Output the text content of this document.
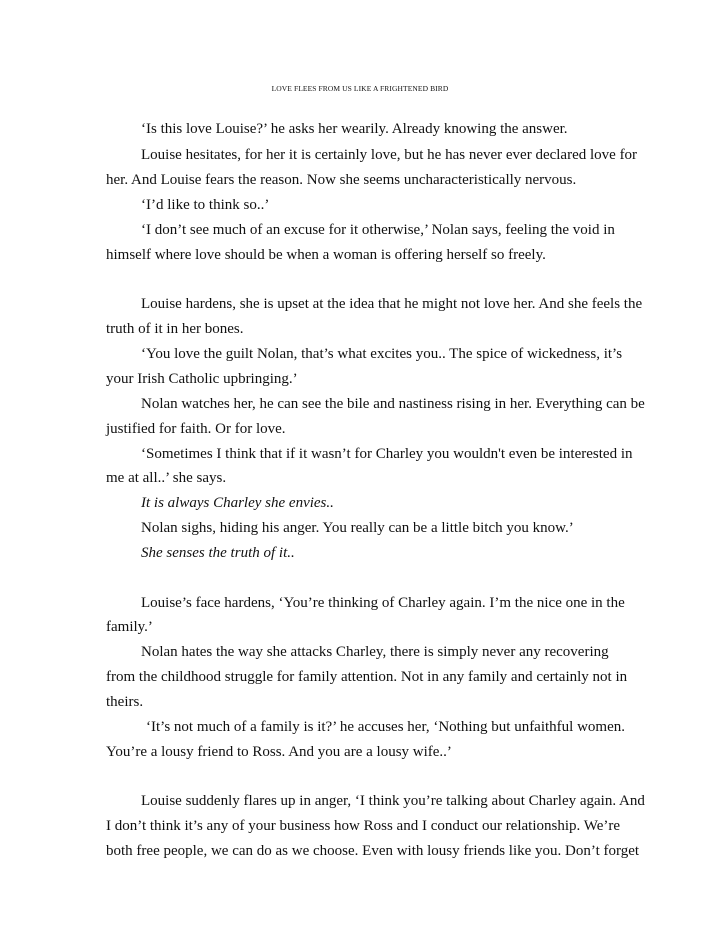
LOVE FLEES FROM US LIKE A FRIGHTENED BIRD
‘Is this love Louise?’ he asks her wearily. Already knowing the answer.
Louise hesitates, for her it is certainly love, but he has never ever declared love for
her. And Louise fears the reason. Now she seems uncharacteristically nervous.
‘I’d like to think so..’
‘I don’t see much of an excuse for it otherwise,’ Nolan says, feeling the void in
himself where love should be when a woman is offering herself so freely.
Louise hardens, she is upset at the idea that he might not love her. And she feels the
truth of it in her bones.
‘You love the guilt Nolan, that’s what excites you.. The spice of wickedness, it’s
your Irish Catholic upbringing.’
Nolan watches her, he can see the bile and nastiness rising in her. Everything can be
justified for faith. Or for love.
‘Sometimes I think that if it wasn’t for Charley you wouldn't even be interested in
me at all..’ she says.
It is always Charley she envies..
Nolan sighs, hiding his anger. You really can be a little bitch you know.’
She senses the truth of it..
Louise’s face hardens, ‘You’re thinking of Charley again. I’m the nice one in the
family.’
Nolan hates the way she attacks Charley, there is simply never any recovering
from the childhood struggle for family attention. Not in any family and certainly not in
theirs.
‘It’s not much of a family is it?’ he accuses her, ‘Nothing but unfaithful women.
You’re a lousy friend to Ross. And you are a lousy wife..’
Louise suddenly flares up in anger, ‘I think you’re talking about Charley again. And
I don’t think it’s any of your business how Ross and I conduct our relationship. We’re
both free people, we can do as we choose. Even with lousy friends like you. Don’t forget
